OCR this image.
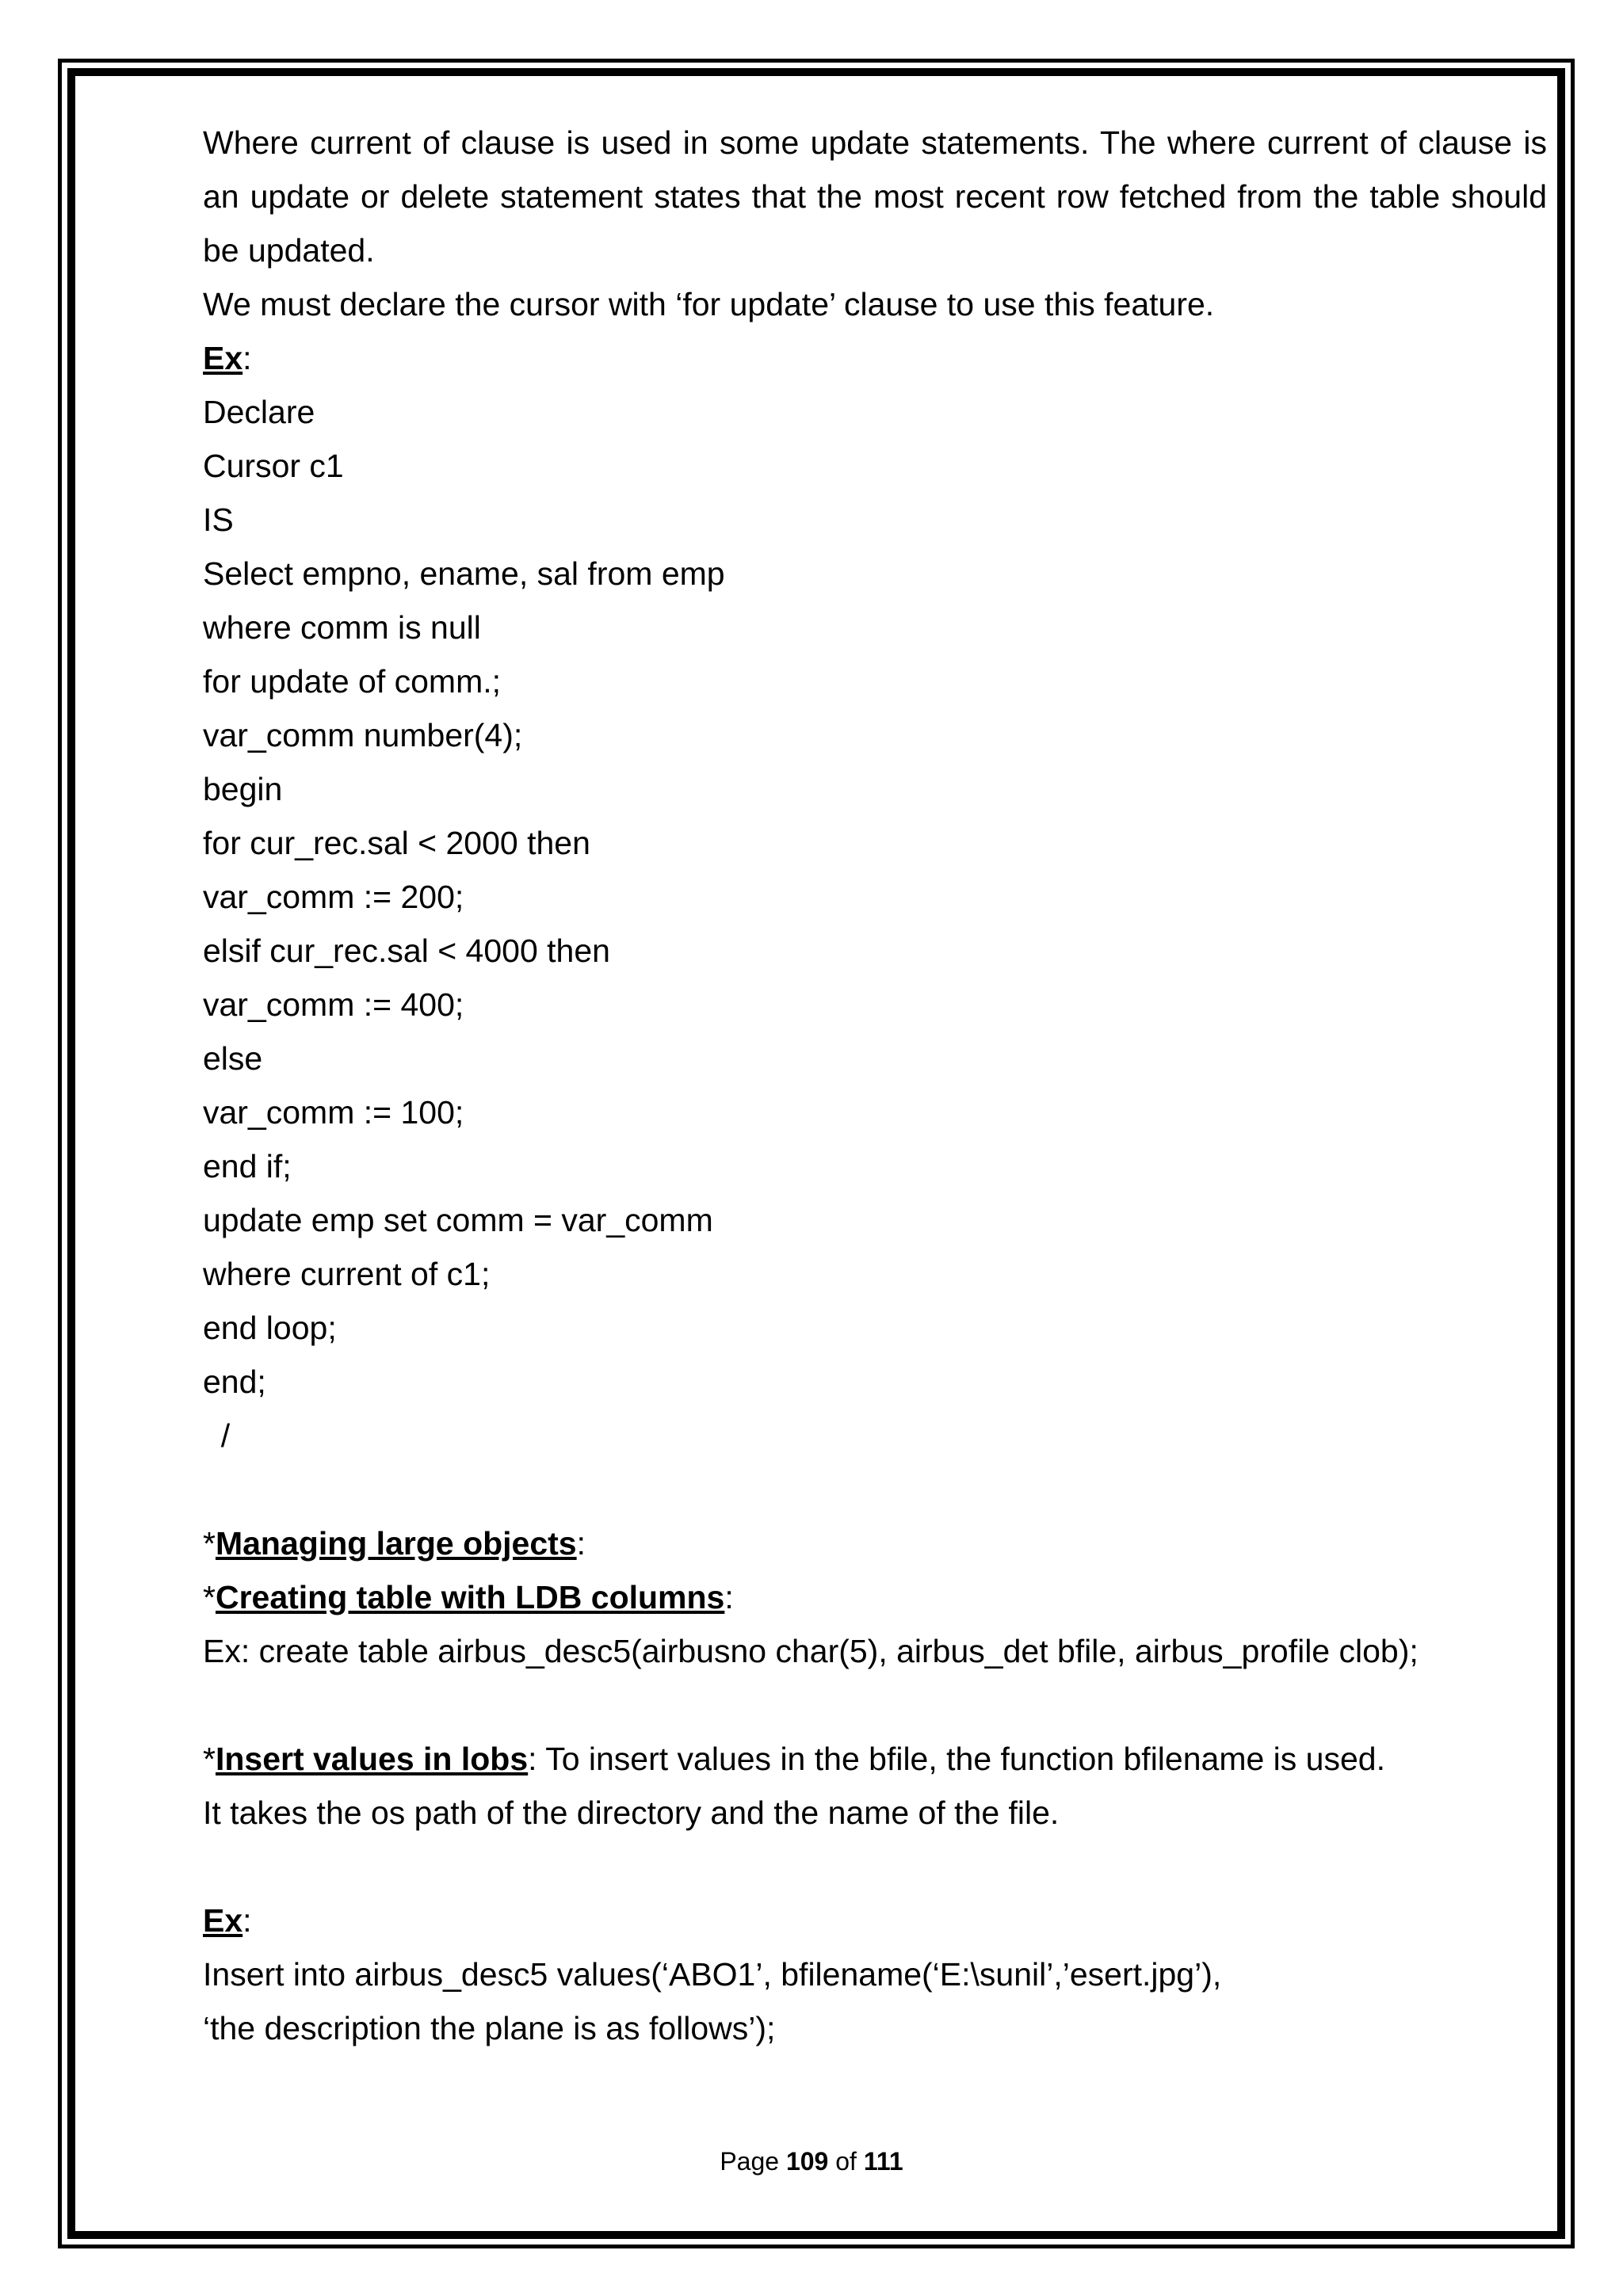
Where current of clause is used in some update statements. The where current of clause is an update or delete statement states that the most recent row fetched from the table should be updated.

We must declare the cursor with ‘for update’ clause to use this feature.

Ex:

Declare

Cursor c1

IS

Select empno, ename, sal from emp

where comm is null

for update of comm.;

var_comm number(4);

begin

for cur_rec.sal < 2000 then

var_comm := 200;

elsif cur_rec.sal < 4000 then

var_comm := 400;

else

var_comm := 100;

end if;

update emp set comm = var_comm

where current of c1;

end loop;

end;

/

*Managing large objects:

*Creating table with LDB columns:

Ex: create table airbus_desc5(airbusno char(5), airbus_det bfile, airbus_profile clob);

*Insert values in lobs: To insert values in the bfile, the function bfilename is used.

It takes the os path of the directory and the name of the file.

Ex:

Insert into airbus_desc5 values(‘ABO1’, bfilename(‘E:\sunil’,’esert.jpg’),

‘the description the plane is as follows’);

Page 109 of 111
